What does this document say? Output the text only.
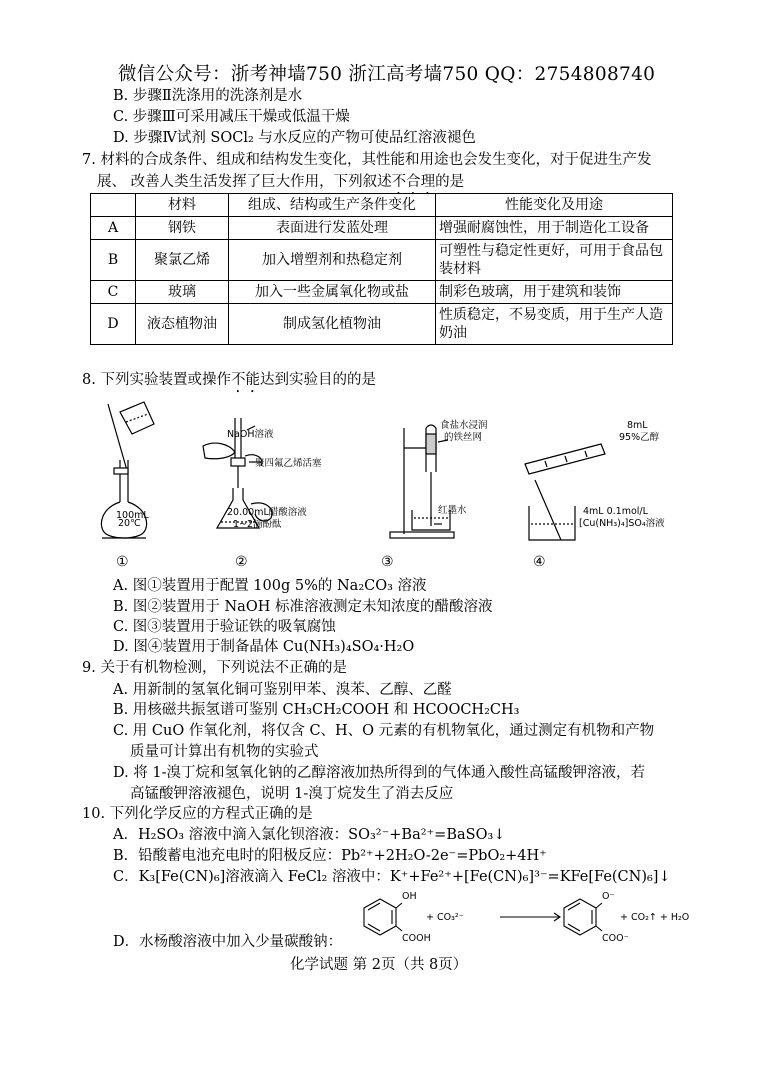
微信公众号：浙考神墙750 浙江高考墙750 QQ：2754808740
B. 步骤Ⅱ洗涤用的洗涤剂是水
C. 步骤Ⅲ可采用减压干燥或低温干燥
D. 步骤Ⅳ试剂 SOCl₂ 与水反应的产物可使品红溶液褪色
7. 材料的合成条件、组成和结构发生变化，其性能和用途也会发生变化，对于促进生产发
展、 改善人类生活发挥了巨大作用，下列叙述不合理的是
	材料	组成、结构或生产条件变化	性能变化及用途
A	钢铁	表面进行发蓝处理	增强耐腐蚀性，用于制造化工设备
B	聚氯乙烯	加入增塑剂和热稳定剂	可塑性与稳定性更好，可用于食品包装材料
C	玻璃	加入一些金属氧化物或盐	制彩色玻璃，用于建筑和装饰
D	液态植物油	制成氢化植物油	性质稳定，不易变质，用于生产人造奶油
8. 下列实验装置或操作不能达到实验目的的是
100mL
20℃
NaOH溶液
聚四氟乙烯活塞
20.00mL醋酸溶液
1~2滴酚酞
食盐水浸润
的铁丝网
红墨水
8mL
95%乙醇
4mL 0.1mol/L
[Cu(NH₃)₄]SO₄溶液
①	②	③	④
A. 图①装置用于配置 100g 5%的 Na₂CO₃ 溶液
B. 图②装置用于 NaOH 标准溶液测定未知浓度的醋酸溶液
C. 图③装置用于验证铁的吸氧腐蚀
D. 图④装置用于制备晶体 Cu(NH₃)₄SO₄·H₂O
9. 关于有机物检测，下列说法不正确的是
A. 用新制的氢氧化铜可鉴别甲苯、溴苯、乙醇、乙醛
B. 用核磁共振氢谱可鉴别 CH₃CH₂COOH 和 HCOOCH₂CH₃
C. 用 CuO 作氧化剂，将仅含 C、H、O 元素的有机物氧化，通过测定有机物和产物
质量可计算出有机物的实验式
D. 将 1-溴丁烷和氢氧化钠的乙醇溶液加热所得到的气体通入酸性高锰酸钾溶液，若
高锰酸钾溶液褪色，说明 1-溴丁烷发生了消去反应
10. 下列化学反应的方程式正确的是
A．H₂SO₃ 溶液中滴入氯化钡溶液：SO₃²⁻+Ba²⁺=BaSO₃↓
B．铅酸蓄电池充电时的阳极反应：Pb²⁺+2H₂O-2e⁻=PbO₂+4H⁺
C．K₃[Fe(CN)₆]溶液滴入 FeCl₂ 溶液中：K⁺+Fe²⁺+[Fe(CN)₆]³⁻=KFe[Fe(CN)₆]↓
D．水杨酸溶液中加入少量碳酸钠：
OH
COOH
+ CO₃²⁻
O⁻
COO⁻
+ CO₂↑ + H₂O
化学试题 第 2页（共 8页）
